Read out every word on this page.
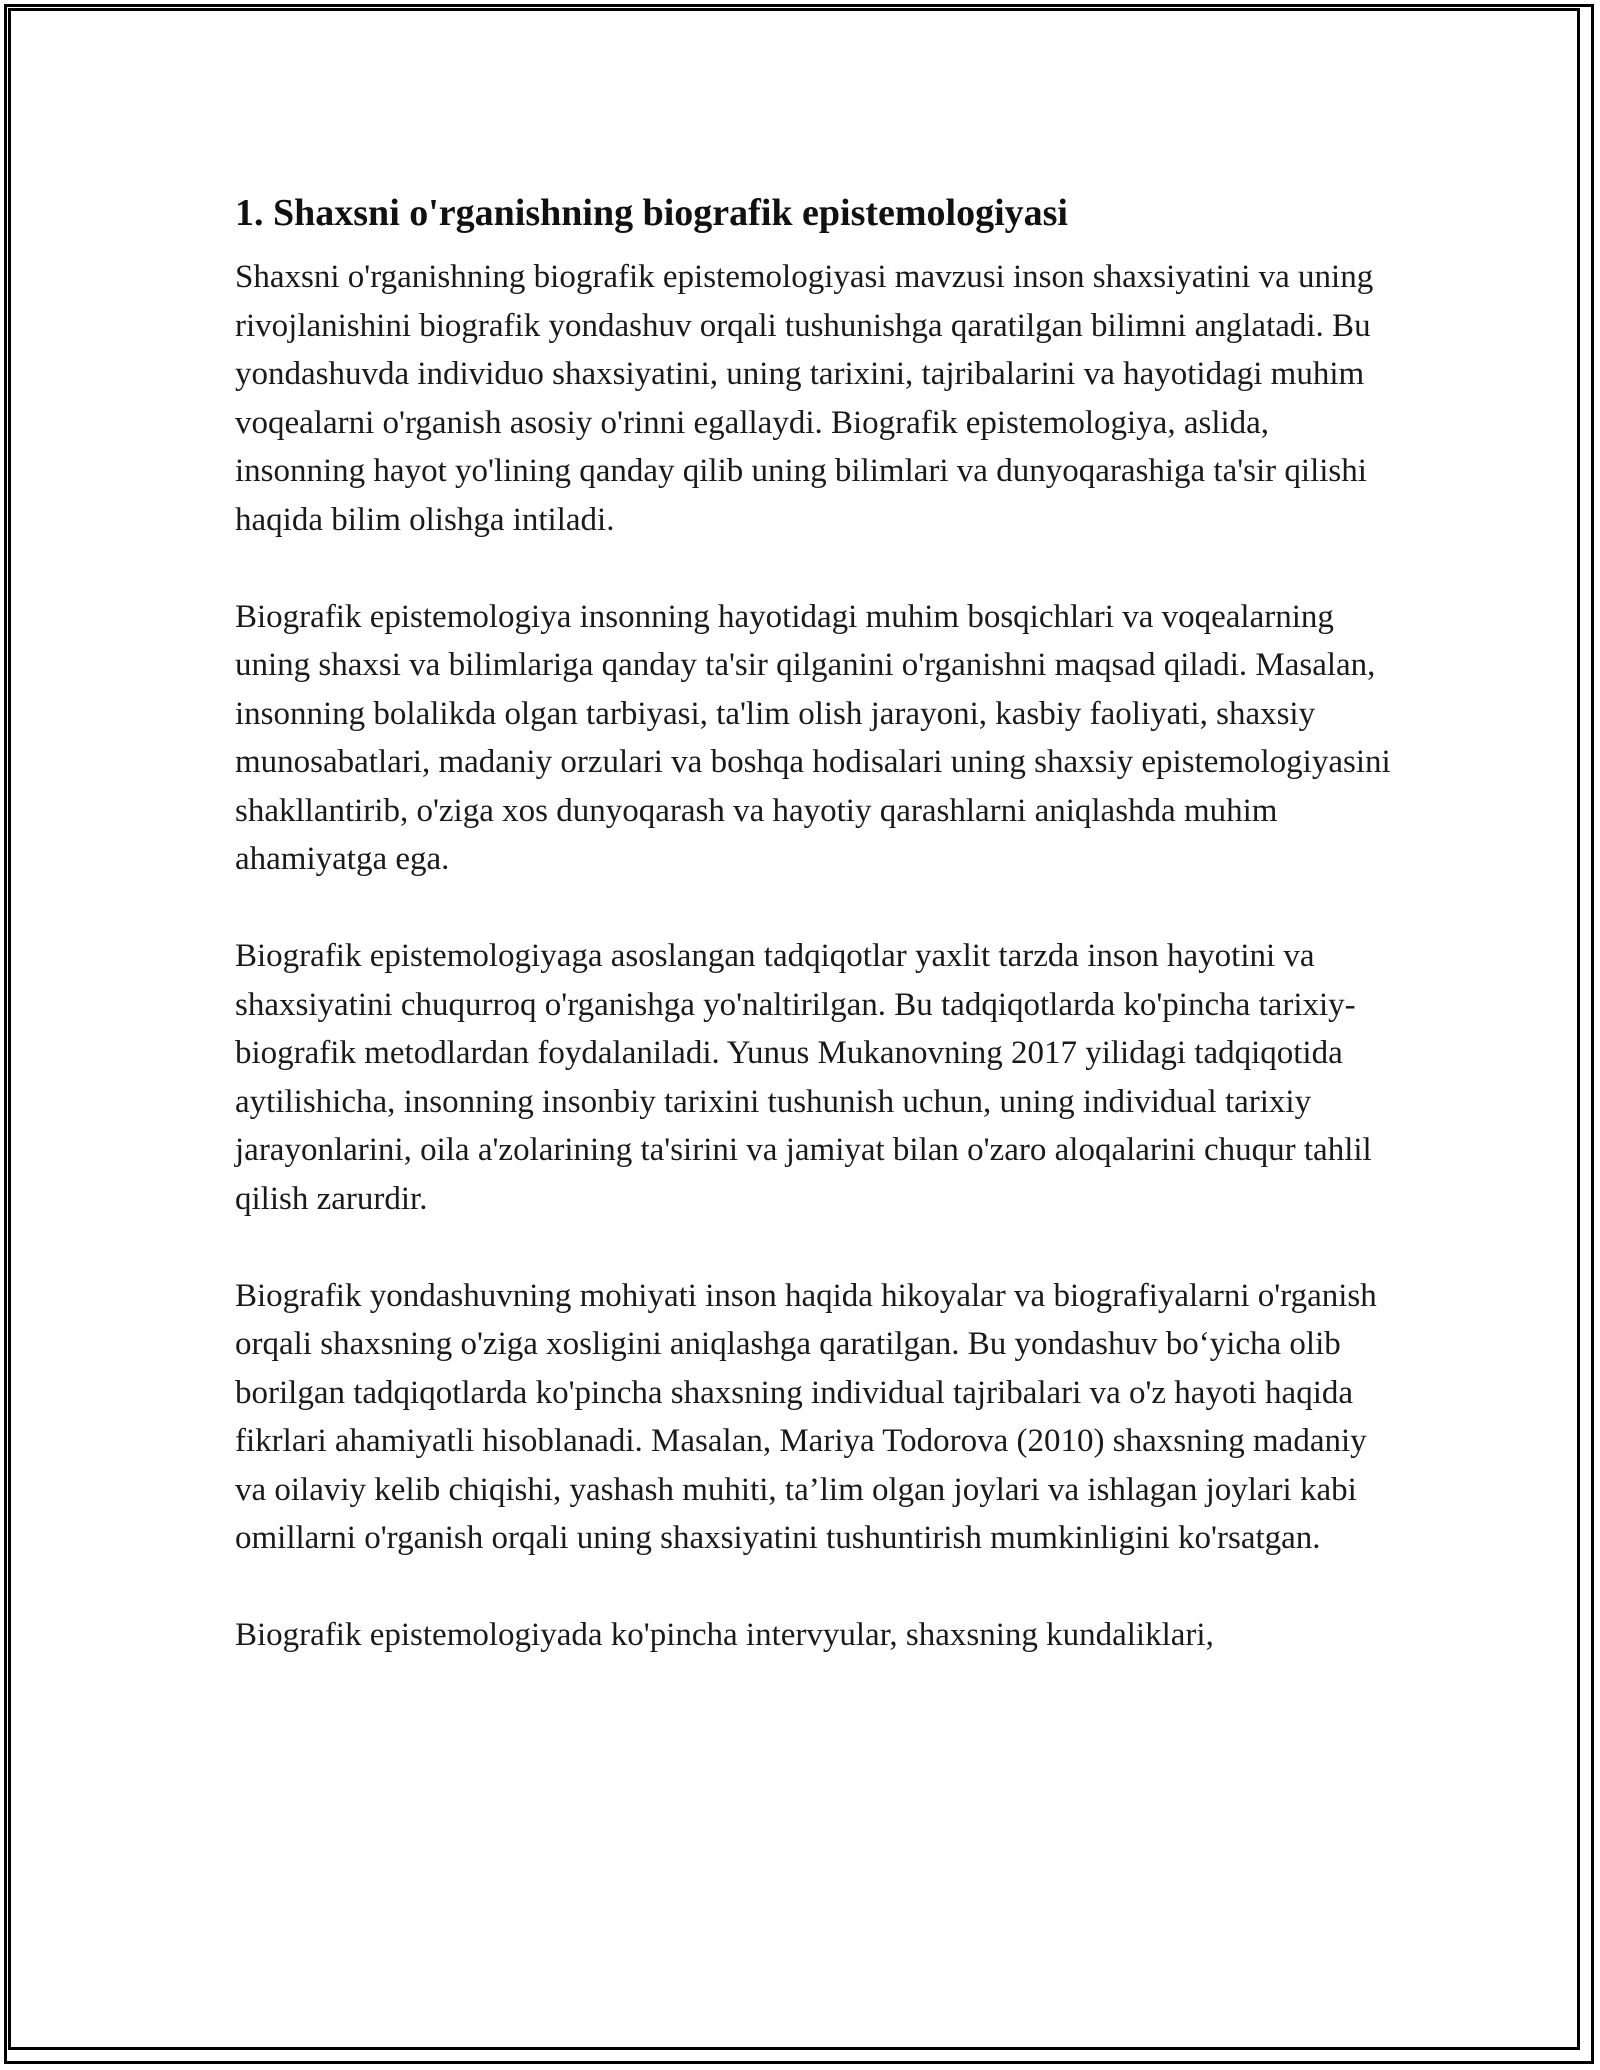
1. Shaxsni o'rganishning biografik epistemologiyasi

Shaxsni o'rganishning biografik epistemologiyasi mavzusi inson shaxsiyatini va uning rivojlanishini biografik yondashuv orqali tushunishga qaratilgan bilimni anglatadi. Bu yondashuvda individuo shaxsiyatini, uning tarixini, tajribalarini va hayotidagi muhim voqealarni o'rganish asosiy o'rinni egallaydi. Biografik epistemologiya, aslida, insonning hayot yo'lining qanday qilib uning bilimlari va dunyoqarashiga ta'sir qilishi haqida bilim olishga intiladi.

Biografik epistemologiya insonning hayotidagi muhim bosqichlari va voqealarning uning shaxsi va bilimlariga qanday ta'sir qilganini o'rganishni maqsad qiladi. Masalan, insonning bolalikda olgan tarbiyasi, ta'lim olish jarayoni, kasbiy faoliyati, shaxsiy munosabatlari, madaniy orzulari va boshqa hodisalari uning shaxsiy epistemologiyasini shakllantirib, o'ziga xos dunyoqarash va hayotiy qarashlarni aniqlashda muhim ahamiyatga ega.

Biografik epistemologiyaga asoslangan tadqiqotlar yaxlit tarzda inson hayotini va shaxsiyatini chuqurroq o'rganishga yo'naltirilgan. Bu tadqiqotlarda ko'pincha tarixiy-biografik metodlardan foydalaniladi. Yunus Mukanovning 2017 yilidagi tadqiqotida aytilishicha, insonning insonbiy tarixini tushunish uchun, uning individual tarixiy jarayonlarini, oila a'zolarining ta'sirini va jamiyat bilan o'zaro aloqalarini chuqur tahlil qilish zarurdir.

Biografik yondashuvning mohiyati inson haqida hikoyalar va biografiyalarni o'rganish orqali shaxsning o'ziga xosligini aniqlashga qaratilgan. Bu yondashuv bo‘yicha olib borilgan tadqiqotlarda ko'pincha shaxsning individual tajribalari va o'z hayoti haqida fikrlari ahamiyatli hisoblanadi. Masalan, Mariya Todorova (2010) shaxsning madaniy va oilaviy kelib chiqishi, yashash muhiti, ta’lim olgan joylari va ishlagan joylari kabi omillarni o'rganish orqali uning shaxsiyatini tushuntirish mumkinligini ko'rsatgan.

Biografik epistemologiyada ko'pincha intervyular, shaxsning kundaliklari,
